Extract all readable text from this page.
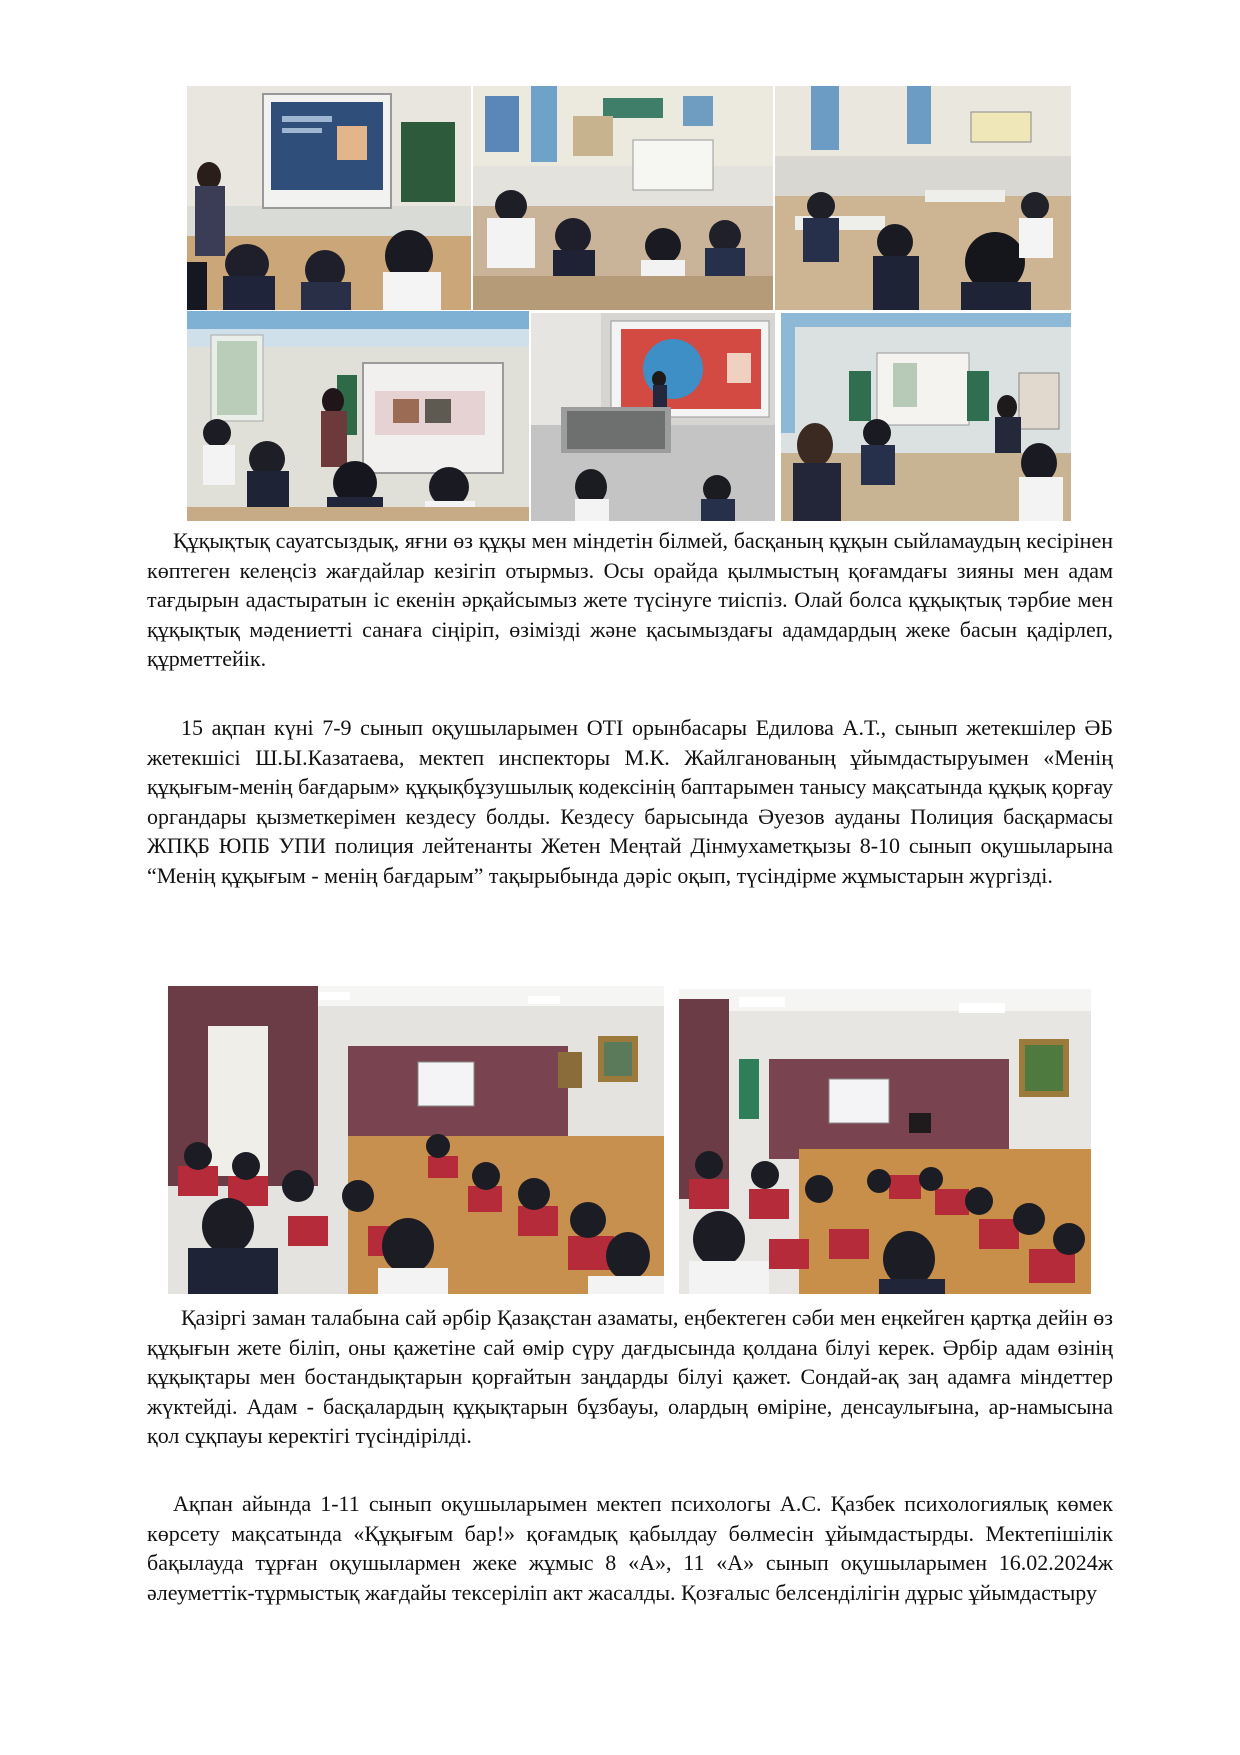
Құқықтық сауатсыздық, яғни өз құқы мен міндетін білмей, басқаның құқын сыйламаудың кесірінен көптеген келеңсіз жағдайлар кезігіп отырмыз. Осы орайда қылмыстың қоғамдағы зияны мен адам тағдырын адастыратын іс екенін әрқайсымыз жете түсінуге тиіспіз. Олай болса құқықтық тәрбие мен құқықтық мәдениетті санаға сіңіріп, өзімізді және қасымыздағы адамдардың жеке басын қадірлеп, құрметтейік.

15 ақпан күні 7-9 сынып оқушыларымен ОТІ орынбасары Едилова А.Т., сынып жетекшілер ӘБ жетекшісі Ш.Ы.Казатаева, мектеп инспекторы М.К. Жайлганованың ұйымдастыруымен «Менің құқығым-менің бағдарым» құқықбұзушылық кодексінің баптарымен танысу мақсатында құқық қорғау органдары қызметкерімен кездесу болды. Кездесу барысында Әуезов ауданы Полиция басқармасы ЖПҚБ ЮПБ УПИ полиция лейтенанты Жетен Меңтай Дінмухаметқызы 8-10 сынып оқушыларына “Менің құқығым - менің бағдарым” тақырыбында дәріс оқып, түсіндірме жұмыстарын жүргізді.

Қазіргі заман талабына сай әрбір Қазақстан азаматы, еңбектеген сәби мен еңкейген қартқа дейін өз құқығын жете біліп, оны қажетіне сай өмір сүру дағдысында қолдана білуі керек. Әрбір адам өзінің құқықтары мен бостандықтарын қорғайтын заңдарды білуі қажет. Сондай-ақ заң адамға міндеттер жүктейді. Адам - басқалардың құқықтарын бұзбауы, олардың өміріне, денсаулығына, ар-намысына қол сұқпауы керектігі түсіндірілді.

Ақпан айында 1-11 сынып оқушыларымен мектеп психологы А.С. Қазбек психологиялық көмек көрсету мақсатында «Құқығым бар!» қоғамдық қабылдау бөлмесін ұйымдастырды. Мектепішілік бақылауда тұрған оқушылармен жеке жұмыс 8 «А», 11 «А» сынып оқушыларымен 16.02.2024ж әлеуметтік-тұрмыстық жағдайы тексеріліп акт жасалды. Қозғалыс белсенділігін дұрыс ұйымдастыру
